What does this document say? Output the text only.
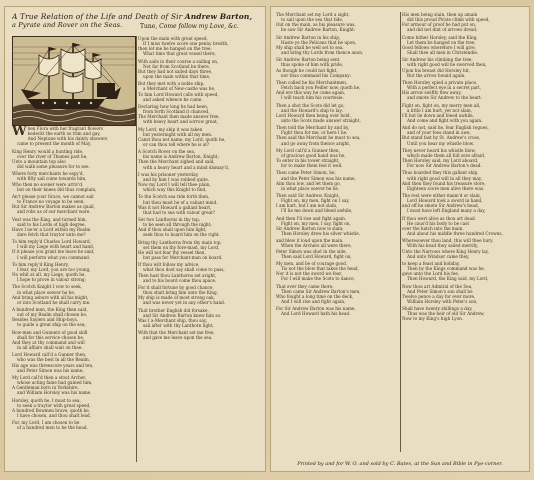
A True Relation of the Life and Death of Sir Andrew Barton,
a Pyrate and Rover on the Seas.	Tune, Come follow my Love, &c.

When Flora with her fragrant flowers

bedeckt the earth so trim and gay,

And Neptune with his dainty showers

came to present the month of May,

King Henry would a hunting ride,

over the river of Thames past he,

Unto a mountain top also

did walk some pleasure for to see.

Where forty merchants he espy'd,

with fifty sail come towards him,

Who then no sooner were arriv'd,

but on their knees did thus complain,

An't please your Grace, we cannot sail

to France no voyage to be seen,

But Sir Andrew Barton makes us quail,

and robs us of our merchant ware.

Vext was the King, and turned him,

said to his Lords of high degree,

Have I ne'er a Lord within my Realm

dare fetch that traytor unto me?

To him reply'd Charles Lord Howard,

I will my Liege with heart and hand,

If it please you grant me leave he said,

I will perform what you command.

To him reply'd King Henry,

I fear, my Lord, you are too young,

No whit at all, my Liege, quoth he,

I hope to prove in valour strong;

The Scotch Knight I vow to seek,

in what place soever he be,

And bring ashore with all his might,

or into Scotland he shall carry me.

A hundred men, the King then said,

out of my Realm shall chosen be,

Besides Saylers and Ship-boys,

to guide a great ship on the sea;

Bow-men and Gunners of good skill

shall for this service chosen be,

And they at thy command and will

in all affairs shall wait on thee.

Lord Howard call'd a Gunner then,

who was the best in all the Realm,

His age was threescore years and ten,

and Peter Simon was his name;

My Lord call'd then a stout Archer,

whose acting fame had gained him,

A Gentleman born in Yorkshire,

and William Horsley was his name.

Horsley, quoth he, I must to sea,

to seek a traytor with great speed,

A hundred Bowmen brave, quoth he,

I have chosen, and thou shalt lead,

For, my Lord, I am chosen to be

of a hundred men to be the head.

Upon the main with great speed,

If I miss twelve score one penny bredth,

then let me be hanged on the tree.

What time that great vessel there,

With sails in their course a sailing on,

Not far from Scotland be there,

But they had not sailed days three,

upon the main within that time,

But they met with a noble ship,

a Merchant of New-castle was he,

To him Lord Howard calls with speed,

and asked whence he came.

Declaring how long he had been,

from forth Scotland it chanced,

The Merchant then made answer free,

with heavy heart and sorrow great,

My Lord, my ship it was taken

but yesternight with all my men.

Canst thou not name, my Lord, quoth he,

or can thou tell where he is at?

A Scotch Rover on the sea,

his name is Andrew Barton, Knight;

Then the Merchant sighed and said,

with a heavy heart and a mind dismay'd,

I was his prisoner yesterday,

and by him I was robbed quite.

Now my Lord I will tell thee plain,

which way this Knight to find,

To the Scotch sea ride forth then,

but thou must be of a valiant mind.

Was it not Howard a gallant heart,

that had to sea with valour great?

Set two Lanthorns in thy top,

to be seen all through the night;

And if thou shall upon him light,

seek thou to board him on the right.

Bring thy Lanthorns from thy main top,

set them on thy fore-mast, my Lord,

He will not fear thy vessel then,

but pass for Merchant-man on board.

If thou wilt follow my advice,

what thou dost say shall come to pass,

Then hast thou Lanthorns set aright,

and to his board come thou apace.

For it shall fortune by good chance,

thou shalt bring him unto the King,

My ship is made of most strong oak,

and was never yet in any other's hand.

That brother English did forsake,

and Sir Andrew Barton knew him so.

Was I a-Merchant ship, thou say,

sail after with thy Lanthorn light,

With that the Merchant set me free,

and gave me leave upon the sea.

The Merchant set my Lord a sight,

to sail upon the sea that tide,

Out on the main, as his pleasure was,

he saw Sir Andrew Barton, Knight:

Sir Andrew Barton in his ship,

Haste ye the Pelicans that be upon,

My ship shall be well set to sea,

and bring thy Lords from thence anon.

Sir Andrew Barton being sent

thus spoke of him with pride,

As though he could not fight,

nor thus command his Company:

Then called he his Merchantmen,

Fetch back yon Pedler now, quoth he,

And ere this way he come again,

I will teach him his courtesie.

Then a shot the Scots did let go,

and the Howard's ship to lay:

Lord Howard then being over bold,

unto the Scots made answer straight,

Then told the Merchant by and by,

Fight thou for me, or here I lie.

Then said the Merchant he must to sea,

and go away from thence aright,

My Lord call'd a Gunner then,

of gracious good hand was he,

To enter in his tower straight,

for to make them feel it well.

Then came Peter Simon, he,

and the Peter Simon was his name,

Aim thou low, and let them go,

in what place soever he lie.

Then said Sir Andrew, Knight,

Fight on, my men, fight on I say,

I am hurt, but I am not slain,

I'll lie me down and bleed awhile,

And then I'll rise and fight again.

Fight on, my men, I say, fight on,

Sir Andrew Barton now is slain;

Then Horsley drew his silver whistle,

and blew it loud upon the main.

When the Archers all were there,

Peter Simon was shot in the side,

Then said Lord Howard, fight on,

My men, and be of courage good,

Tis not the blow that takes the head,

Nor it is not the sword we fear,

For I will make the Scots to dance,

That ever they came there.

Then came Sir Andrew Barton's men,

Who fought a long time on the deck,

And I will rise and fight again,

For Sir Andrew Barton was his name,

And Lord Howard hath his head.

His men being slain, then up amain

did this proud Pirate climb with speed,

For armour of proof he had put on,

and did not dint of arrows dread.

Come hither Horsley, said the King,

Let them be hanged on the tree,

Good fellows wherefore I will give,

Shall thee all men in Christendie.

Sir Andrew his climbing the tree,

with right good will he swerved then,

Upon his breast did Horsley hit,

But the arrow bound again.

Then Horsley spied a private place,

With a perfect eye in a secret part,

His arrow swiftly flew away,

and smote Sir Andrew to the heart.

Fight on, fight on, my merry men all,

a little I am hurt, yet not slain,

I'll but lie down and bleed awhile,

And come and fight with you again.

And do not, said he, fear English rogues,

and of your foes stand in awe,

But stand fast by St. Andrew's cross,

Until you hear my whistle blow.

They never heard his whistle blow,

which made them all full sore afraid,

Then Horsley said, my Lord aboard,

For now Sir Andrew Barton's dead.

Thus boarded they this gallant ship,

with right good will in all they may,

And then they found his treasure store,

Eighteen score men alive there was.

The rest were either maim'd or slain,

Lord Howard took a sword in hand,

and off he smote Sir Andrew's head,

I must have left England many a day,

If thou wert alive as thou art dead.

He caus'd his body to be cast

over the hatch into the main,

And about his middle three hundred Crowns,

Wheresoever thou land, this will thee bury.

With his head they sailed merrily,

Unto the Narrows where King Henry lay,

And unto Windsor came they,

to keep a feast and holiday.

Then by the Kings command was he,

gave unto the Lord his fee,

Then Howard, the King said, my Lord,

Now thou art Admiral of the Sea,

And Peter Simon's son shall be

Twelve pence a day for ever more,

William Horsley with Peter's son,

Shall have twenty shillings a day,

Thus was the heir of old Sir Andrew,

Now to my King's high Lyon.

Printed by and for W. O. and sold by C. Bates, at the Sun and Bible in Pye-corner.
